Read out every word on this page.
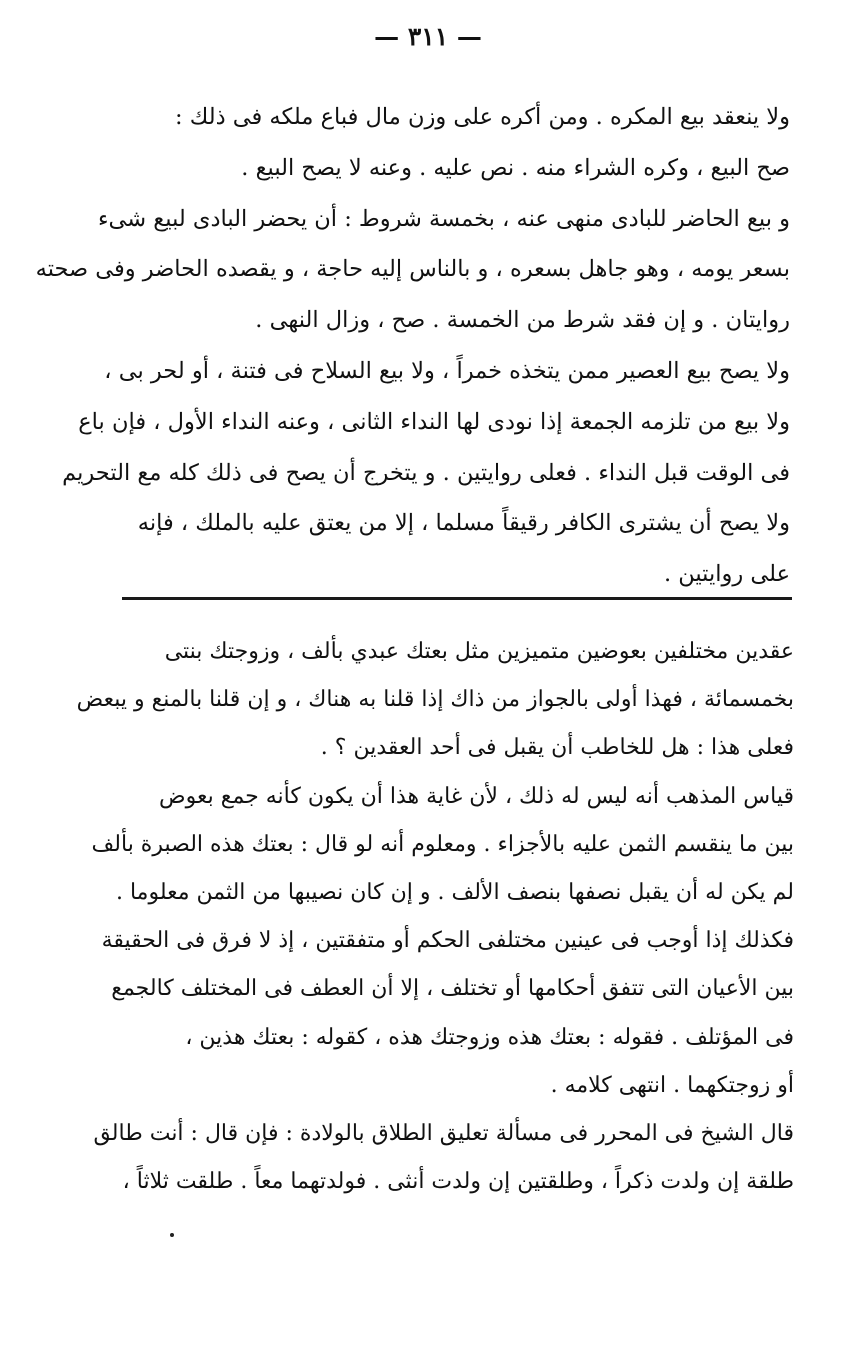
— ٣١١ —
ولا ينعقد بيع المكره . ومن أكره على وزن مال فباع ملكه فى ذلك :
صح البيع ، وكره الشراء منه . نص عليه . وعنه لا يصح البيع .
و بيع الحاضر للبادى منهى عنه ، بخمسة شروط : أن يحضر البادى لبيع شىء
بسعر يومه ، وهو جاهل بسعره ، و بالناس إليه حاجة ، و يقصده الحاضر وفى صحته
روايتان . و إن فقد شرط من الخمسة . صح ، وزال النهى .
ولا يصح بيع العصير ممن يتخذه خمراً ، ولا بيع السلاح فى فتنة ، أو لحر بى ،
ولا بيع من تلزمه الجمعة إذا نودى لها النداء الثانى ، وعنه النداء الأول ، فإن باع
فى الوقت قبل النداء . فعلى روايتين . و يتخرج أن يصح فى ذلك كله مع التحريم
ولا يصح أن يشترى الكافر رقيقاً مسلما ، إلا من يعتق عليه بالملك ، فإنه
على روايتين .
عقدين مختلفين بعوضين متميزين مثل بعتك عبدي بألف ، وزوجتك بنتى
بخمسمائة ، فهذا أولى بالجواز من ذاك إذا قلنا به هناك ، و إن قلنا بالمنع و يبعض
فعلى هذا : هل للخاطب أن يقبل فى أحد العقدين ؟ .
قياس المذهب أنه ليس له ذلك ، لأن غاية هذا أن يكون كأنه جمع بعوض
بين ما ينقسم الثمن عليه بالأجزاء . ومعلوم أنه لو قال : بعتك هذه الصبرة بألف
لم يكن له أن يقبل نصفها بنصف الألف . و إن كان نصيبها من الثمن معلوما .
فكذلك إذا أوجب فى عينين مختلفى الحكم أو متفقتين ، إذ لا فرق فى الحقيقة
بين الأعيان التى تتفق أحكامها أو تختلف ، إلا أن العطف فى المختلف كالجمع
فى المؤتلف . فقوله : بعتك هذه وزوجتك هذه ، كقوله : بعتك هذين ،
أو زوجتكهما . انتهى كلامه .
قال الشيخ فى المحرر فى مسألة تعليق الطلاق بالولادة : فإن قال : أنت طالق
طلقة إن ولدت ذكراً ، وطلقتين إن ولدت أنثى . فولدتهما معاً . طلقت ثلاثاً ،
